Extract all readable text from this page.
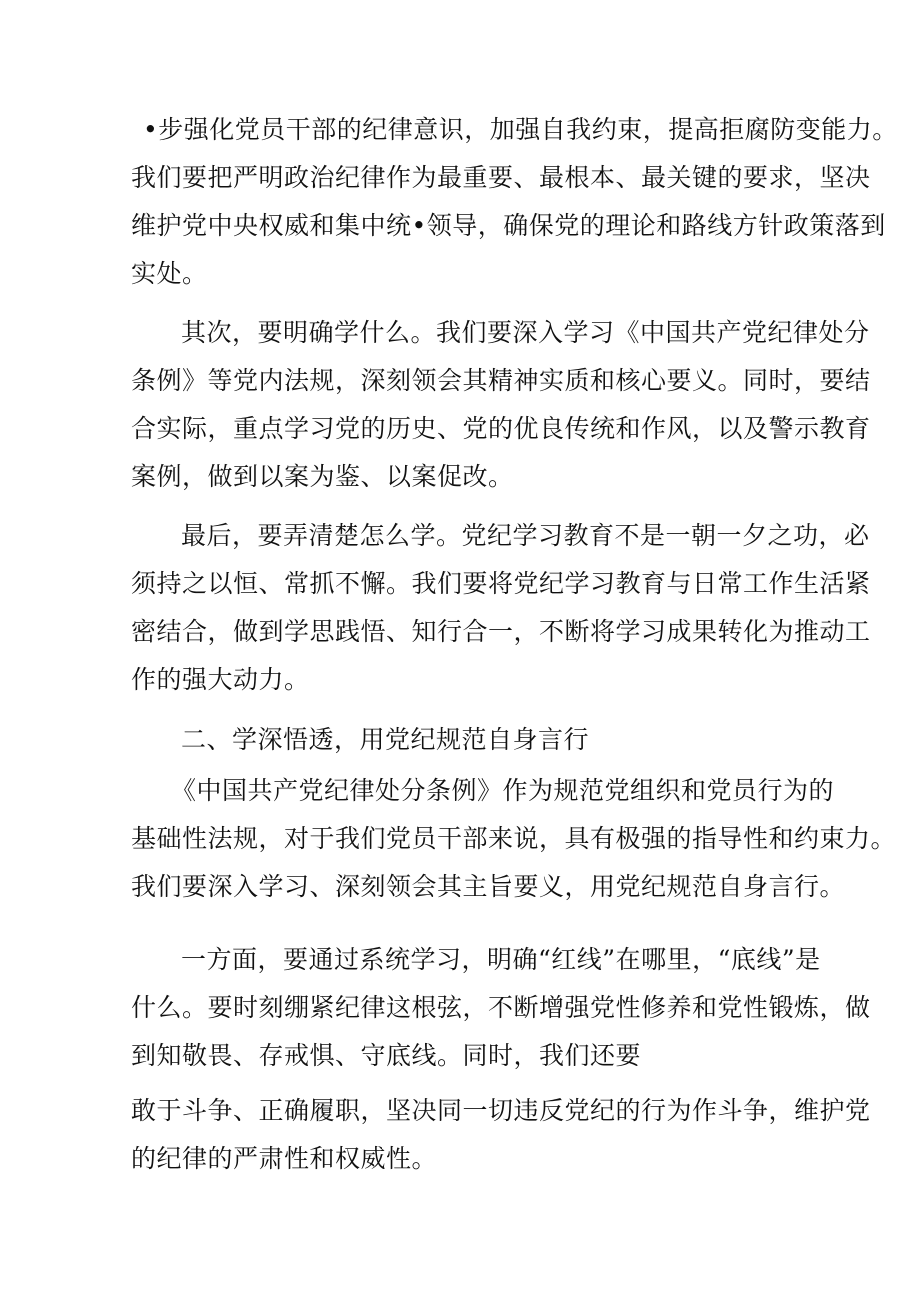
•步强化党员干部的纪律意识，加强自我约束，提高拒腐防变能力。
我们要把严明政治纪律作为最重要、最根本、最关键的要求，坚决
维护党中央权威和集中统•领导，确保党的理论和路线方针政策落到
实处。
其次，要明确学什么。我们要深入学习《中国共产党纪律处分
条例》等党内法规，深刻领会其精神实质和核心要义。同时，要结
合实际，重点学习党的历史、党的优良传统和作风，以及警示教育
案例，做到以案为鉴、以案促改。
最后，要弄清楚怎么学。党纪学习教育不是一朝一夕之功，必
须持之以恒、常抓不懈。我们要将党纪学习教育与日常工作生活紧
密结合，做到学思践悟、知行合一，不断将学习成果转化为推动工
作的强大动力。
二、学深悟透，用党纪规范自身言行
《中国共产党纪律处分条例》作为规范党组织和党员行为的
基础性法规，对于我们党员干部来说，具有极强的指导性和约束力。
我们要深入学习、深刻领会其主旨要义，用党纪规范自身言行。
一方面，要通过系统学习，明确“红线”在哪里，“底线”是
什么。要时刻绷紧纪律这根弦，不断增强党性修养和党性锻炼，做
到知敬畏、存戒惧、守底线。同时，我们还要
敢于斗争、正确履职，坚决同一切违反党纪的行为作斗争，维护党
的纪律的严肃性和权威性。
